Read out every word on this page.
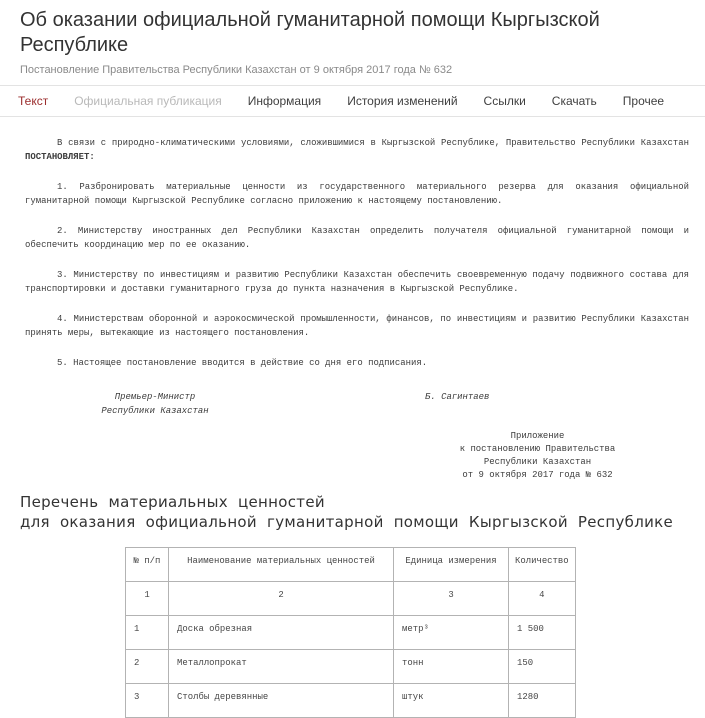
Об оказании официальной гуманитарной помощи Кыргызской Республике
Постановление Правительства Республики Казахстан от 9 октября 2017 года № 632
Текст	Официальная публикация	Информация	История изменений	Ссылки	Скачать	Прочее

В связи с природно-климатическими условиями, сложившимися в Кыргызской Республике, Правительство Республики Казахстан ПОСТАНОВЛЯЕТ:

1. Разбронировать материальные ценности из государственного материального резерва для оказания официальной гуманитарной помощи Кыргызской Республике согласно приложению к настоящему постановлению.

2. Министерству иностранных дел Республики Казахстан определить получателя официальной гуманитарной помощи и обеспечить координацию мер по ее оказанию.

3. Министерству по инвестициям и развитию Республики Казахстан обеспечить своевременную подачу подвижного состава для транспортировки и доставки гуманитарного груза до пункта назначения в Кыргызской Республике.

4. Министерствам оборонной и аэрокосмической промышленности, финансов, по инвестициям и развитию Республики Казахстан принять меры, вытекающие из настоящего постановления.

5. Настоящее постановление вводится в действие со дня его подписания.

Премьер-Министр
Республики Казахстан
Б. Сагинтаев
Приложение
к постановлению Правительства
Республики Казахстан
от 9 октября 2017 года № 632
Перечень материальных ценностей
для оказания официальной гуманитарной помощи Кыргызской Республике
№ п/п	Наименование материальных ценностей	Единица измерения	Количество
1	2	3	4
1	Доска обрезная	метр³	1 500
2	Металлопрокат	тонн	150
3	Столбы деревянные	штук	1280
